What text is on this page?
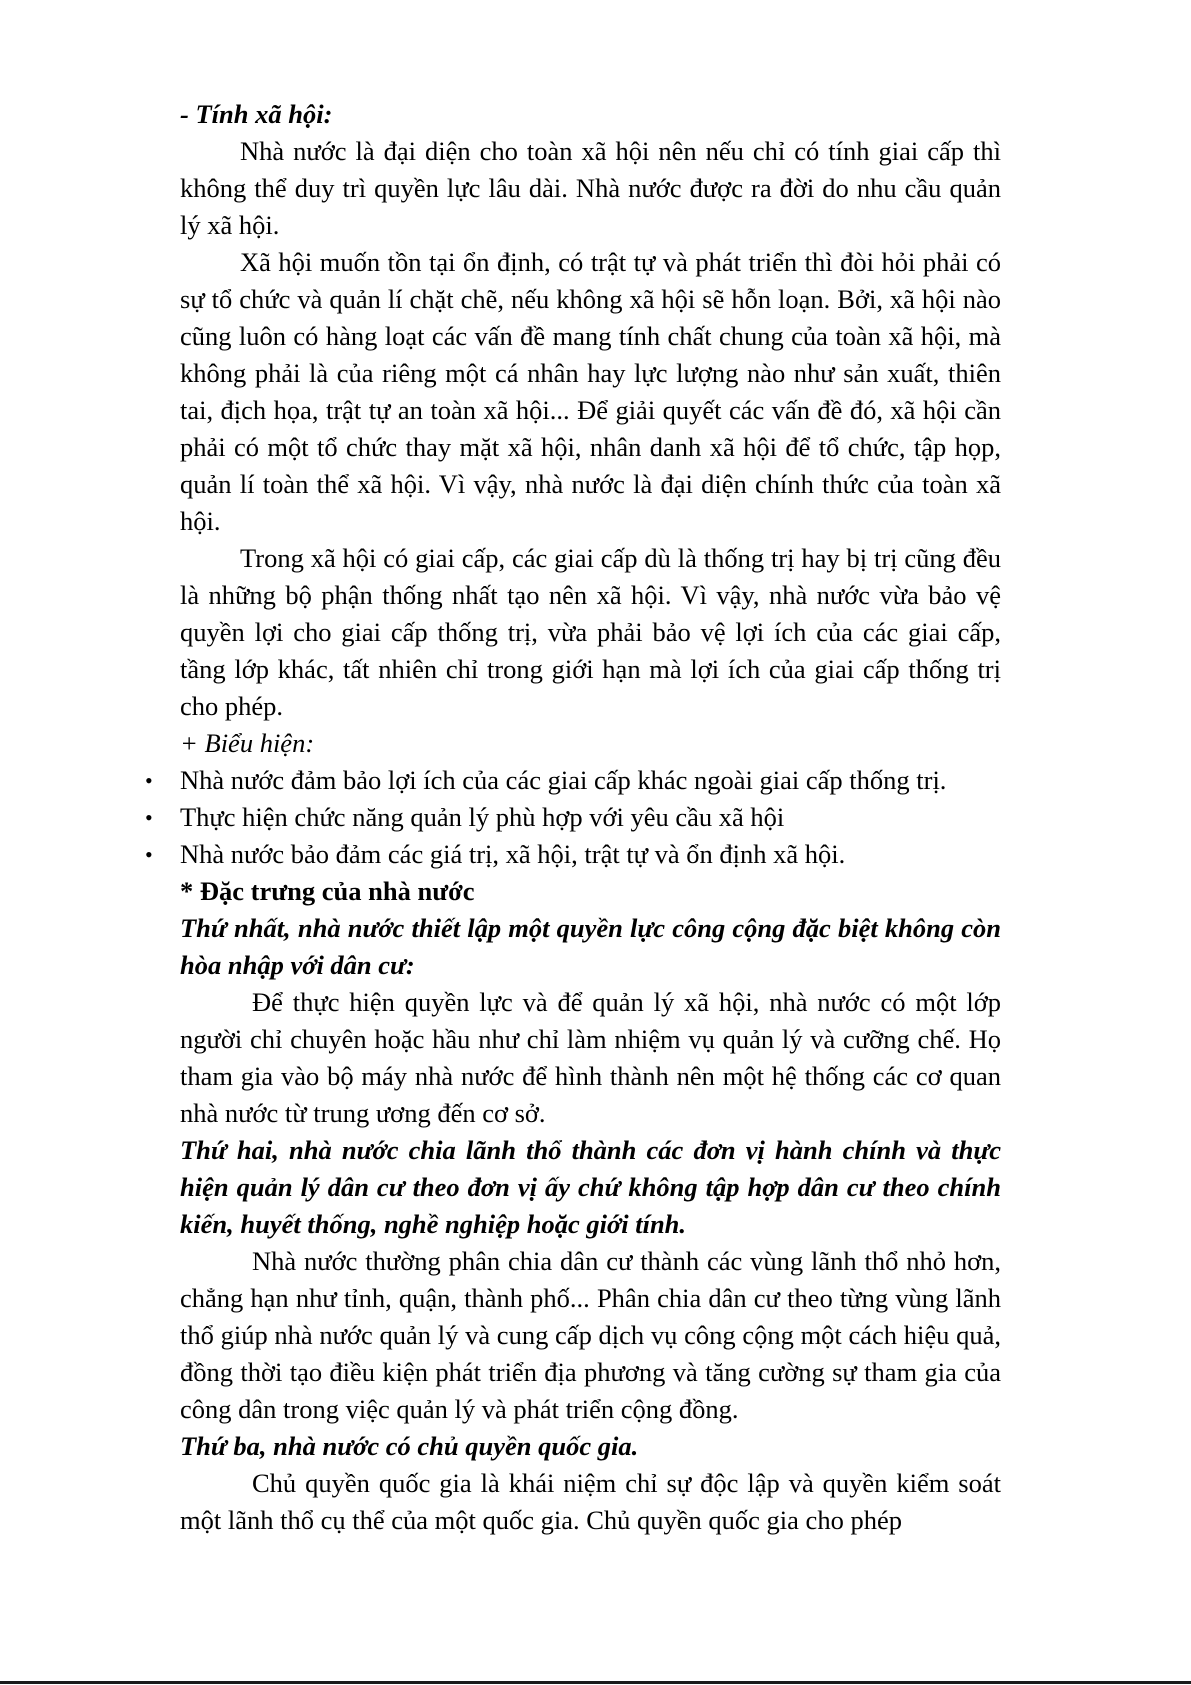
- Tính xã hội:

Nhà nước là đại diện cho toàn xã hội nên nếu chỉ có tính giai cấp thì không thể duy trì quyền lực lâu dài. Nhà nước được ra đời do nhu cầu quản lý xã hội.

Xã hội muốn tồn tại ổn định, có trật tự và phát triển thì đòi hỏi phải có sự tổ chức và quản lí chặt chẽ, nếu không xã hội sẽ hỗn loạn. Bởi, xã hội nào cũng luôn có hàng loạt các vấn đề mang tính chất chung của toàn xã hội, mà không phải là của riêng một cá nhân hay lực lượng nào như sản xuất, thiên tai, địch họa, trật tự an toàn xã hội... Để giải quyết các vấn đề đó, xã hội cần phải có một tổ chức thay mặt xã hội, nhân danh xã hội để tổ chức, tập họp, quản lí toàn thể xã hội. Vì vậy, nhà nước là đại diện chính thức của toàn xã hội.

Trong xã hội có giai cấp, các giai cấp dù là thống trị hay bị trị cũng đều là những bộ phận thống nhất tạo nên xã hội. Vì vậy, nhà nước vừa bảo vệ quyền lợi cho giai cấp thống trị, vừa phải bảo vệ lợi ích của các giai cấp, tầng lớp khác, tất nhiên chỉ trong giới hạn mà lợi ích của giai cấp thống trị cho phép.

+ Biểu hiện:

• Nhà nước đảm bảo lợi ích của các giai cấp khác ngoài giai cấp thống trị.
• Thực hiện chức năng quản lý phù hợp với yêu cầu xã hội
• Nhà nước bảo đảm các giá trị, xã hội, trật tự và ổn định xã hội.

* Đặc trưng của nhà nước

Thứ nhất, nhà nước thiết lập một quyền lực công cộng đặc biệt không còn hòa nhập với dân cư:

Để thực hiện quyền lực và để quản lý xã hội, nhà nước có một lớp người chỉ chuyên hoặc hầu như chỉ làm nhiệm vụ quản lý và cưỡng chế. Họ tham gia vào bộ máy nhà nước để hình thành nên một hệ thống các cơ quan nhà nước từ trung ương đến cơ sở.

Thứ hai, nhà nước chia lãnh thổ thành các đơn vị hành chính và thực hiện quản lý dân cư theo đơn vị ấy chứ không tập hợp dân cư theo chính kiến, huyết thống, nghề nghiệp hoặc giới tính.

Nhà nước thường phân chia dân cư thành các vùng lãnh thổ nhỏ hơn, chẳng hạn như tỉnh, quận, thành phố... Phân chia dân cư theo từng vùng lãnh thổ giúp nhà nước quản lý và cung cấp dịch vụ công cộng một cách hiệu quả, đồng thời tạo điều kiện phát triển địa phương và tăng cường sự tham gia của công dân trong việc quản lý và phát triển cộng đồng.

Thứ ba, nhà nước có chủ quyền quốc gia.

Chủ quyền quốc gia là khái niệm chỉ sự độc lập và quyền kiểm soát một lãnh thổ cụ thể của một quốc gia. Chủ quyền quốc gia cho phép
